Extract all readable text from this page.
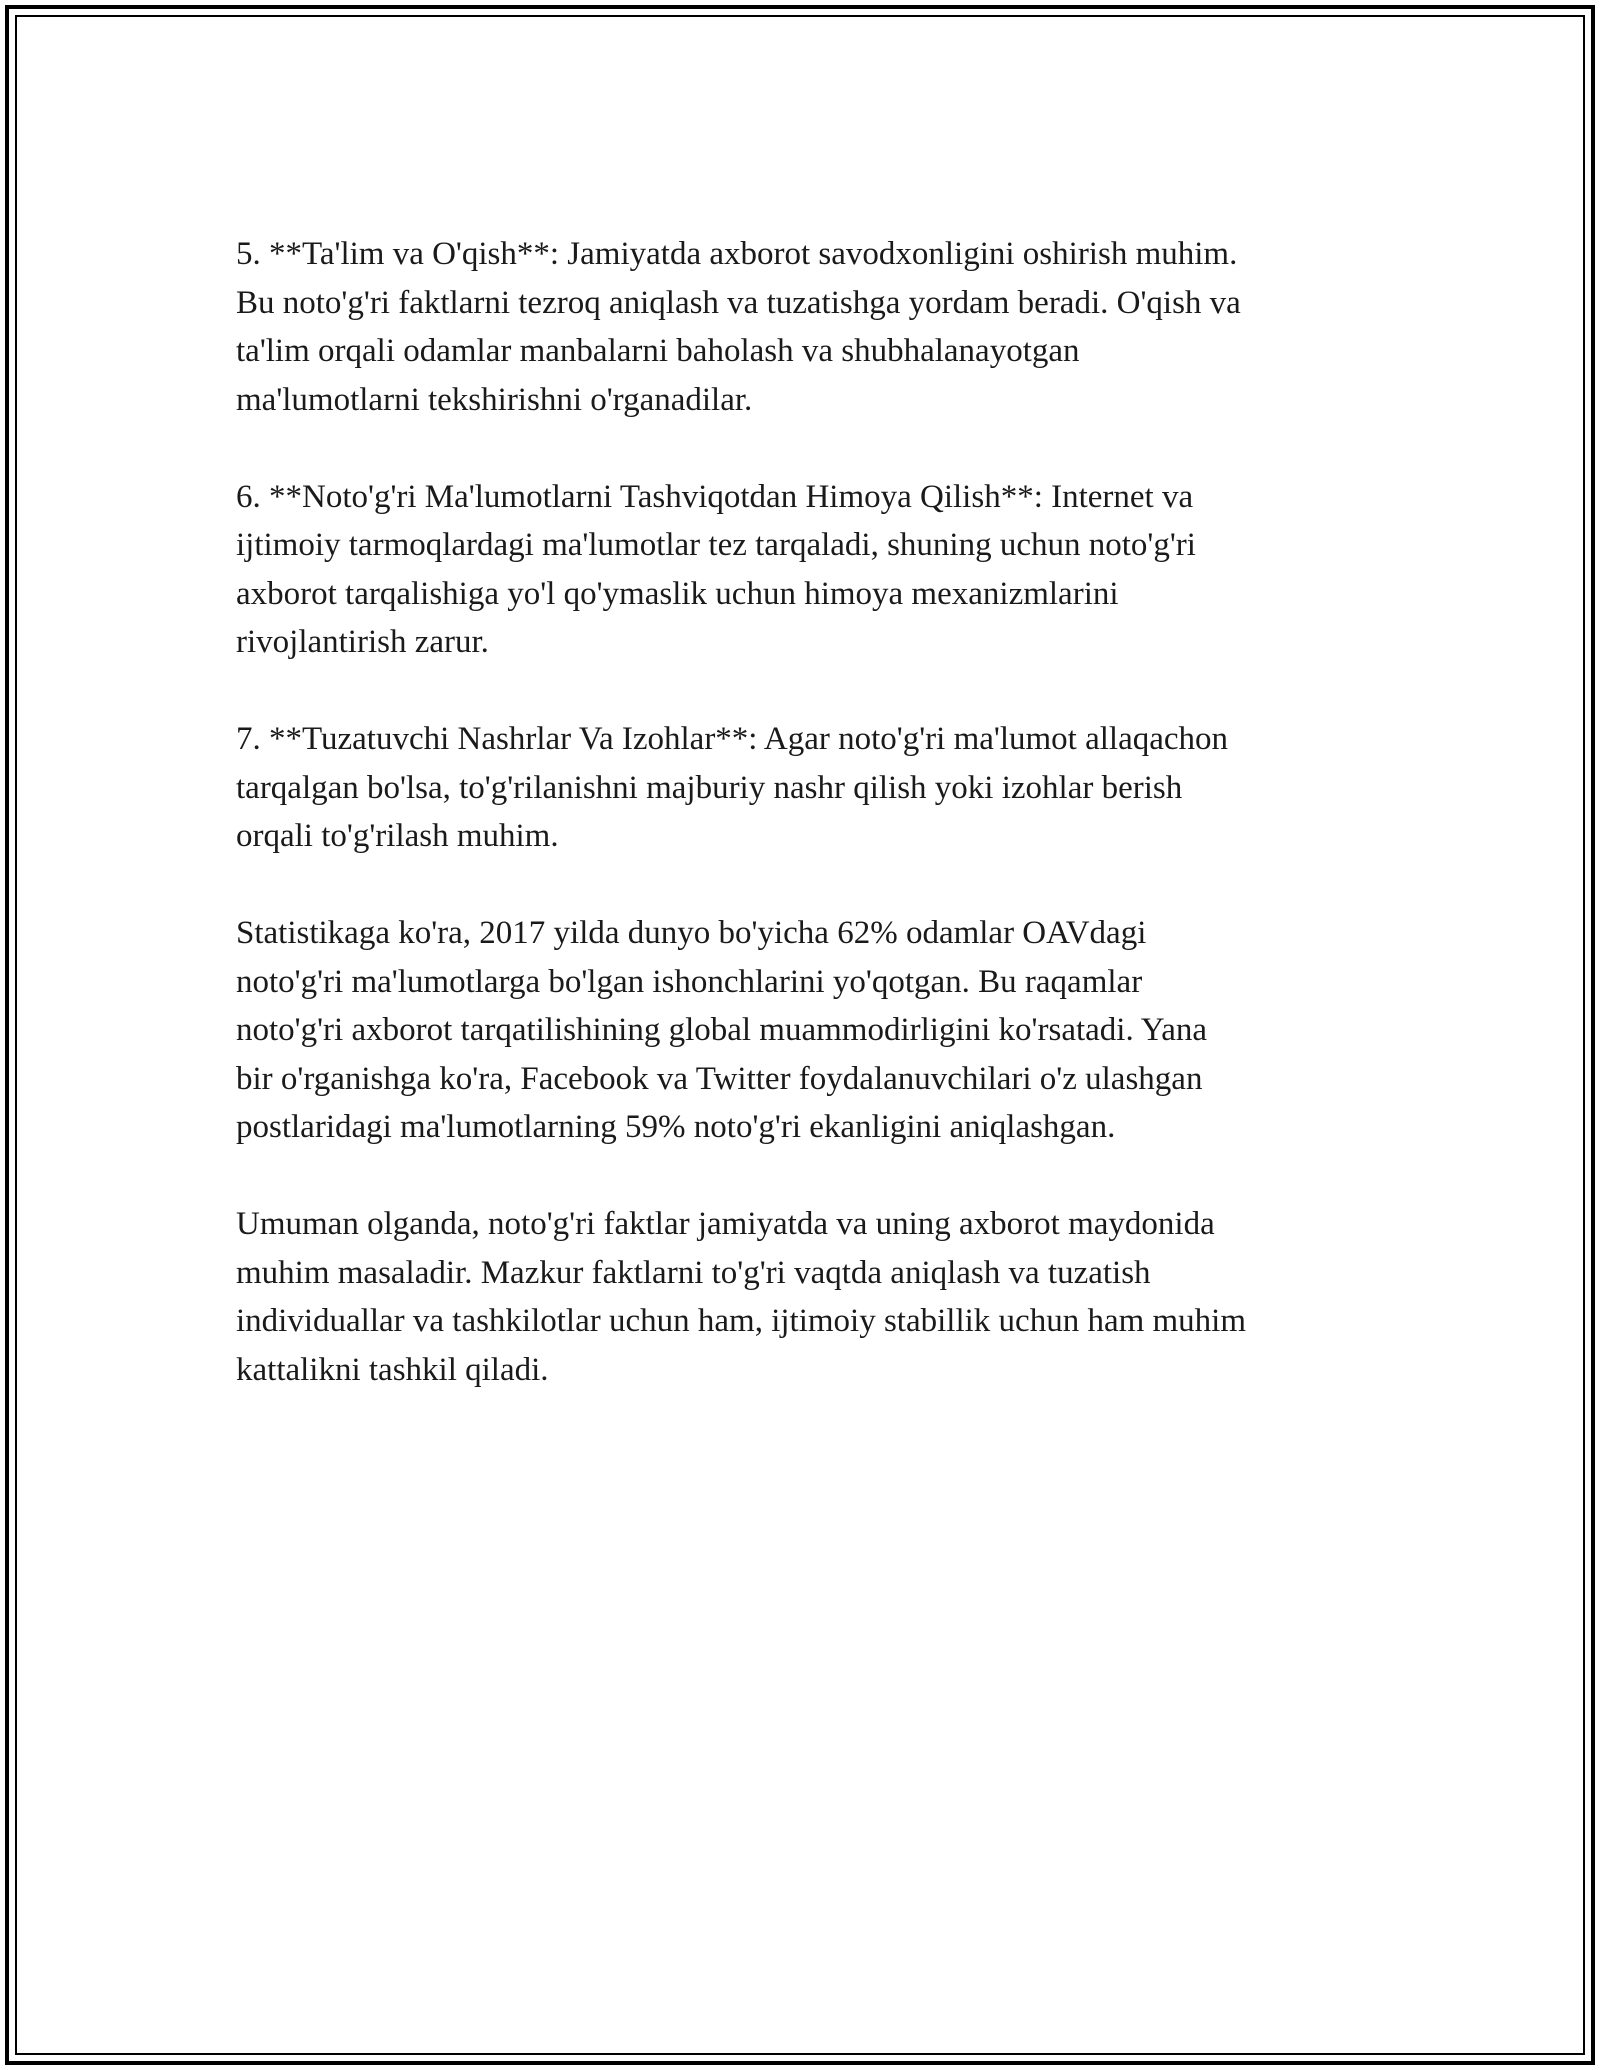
5. **Ta'lim va O'qish**: Jamiyatda axborot savodxonligini oshirish muhim.
Bu noto'g'ri faktlarni tezroq aniqlash va tuzatishga yordam beradi. O'qish va
ta'lim orqali odamlar manbalarni baholash va shubhalanayotgan
ma'lumotlarni tekshirishni o'rganadilar.

6. **Noto'g'ri Ma'lumotlarni Tashviqotdan Himoya Qilish**: Internet va
ijtimoiy tarmoqlardagi ma'lumotlar tez tarqaladi, shuning uchun noto'g'ri
axborot tarqalishiga yo'l qo'ymaslik uchun himoya mexanizmlarini
rivojlantirish zarur.

7. **Tuzatuvchi Nashrlar Va Izohlar**: Agar noto'g'ri ma'lumot allaqachon
tarqalgan bo'lsa, to'g'rilanishni majburiy nashr qilish yoki izohlar berish
orqali to'g'rilash muhim.

Statistikaga ko'ra, 2017 yilda dunyo bo'yicha 62% odamlar OAVdagi
noto'g'ri ma'lumotlarga bo'lgan ishonchlarini yo'qotgan. Bu raqamlar
noto'g'ri axborot tarqatilishining global muammodirligini ko'rsatadi. Yana
bir o'rganishga ko'ra, Facebook va Twitter foydalanuvchilari o'z ulashgan
postlaridagi ma'lumotlarning 59% noto'g'ri ekanligini aniqlashgan.

Umuman olganda, noto'g'ri faktlar jamiyatda va uning axborot maydonida
muhim masaladir. Mazkur faktlarni to'g'ri vaqtda aniqlash va tuzatish
individuallar va tashkilotlar uchun ham, ijtimoiy stabillik uchun ham muhim
kattalikni tashkil qiladi.
